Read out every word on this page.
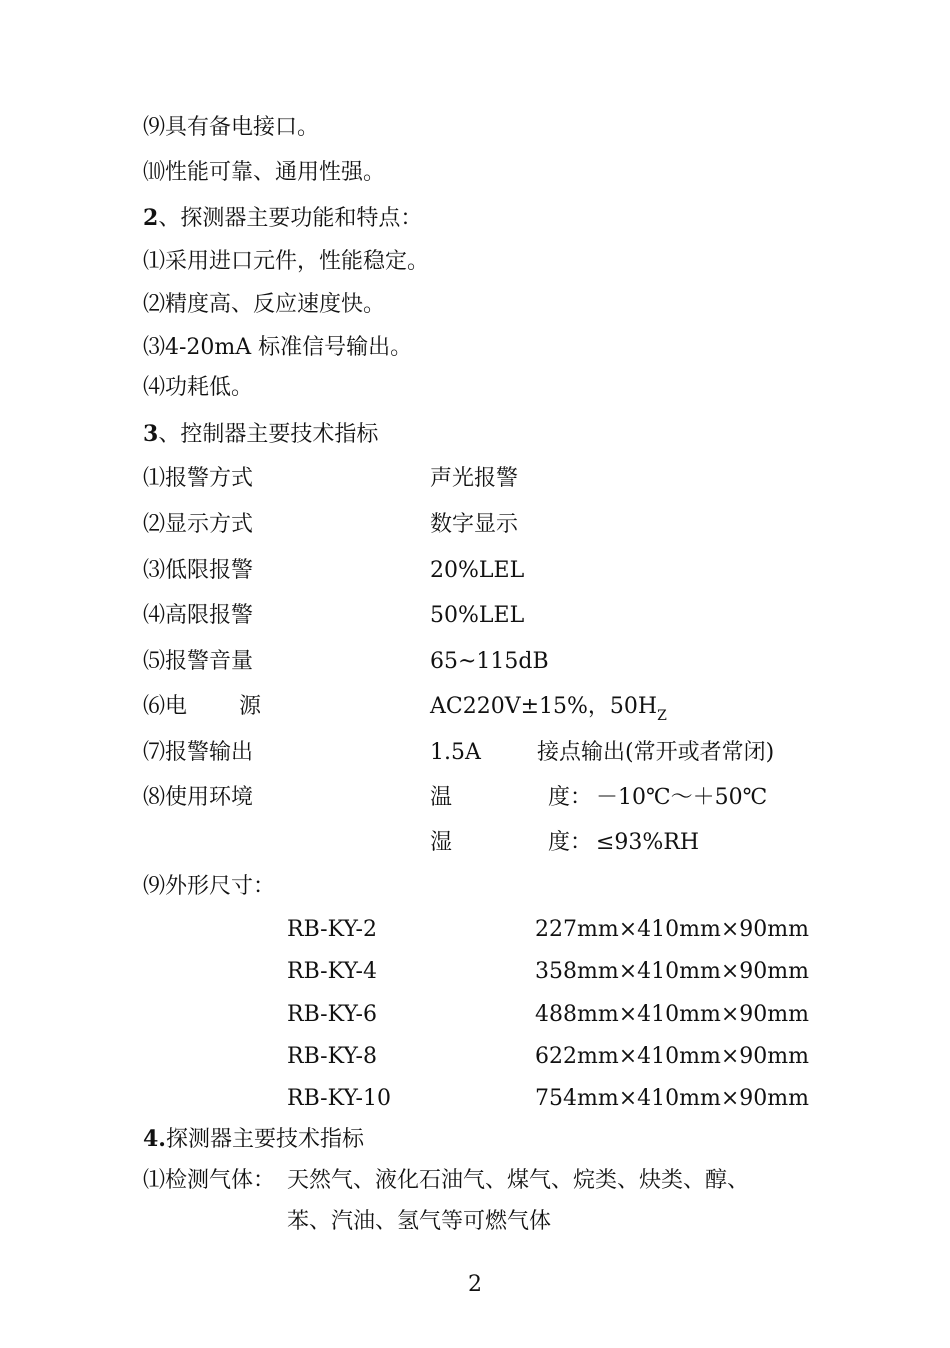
⑼具有备电接口。
⑽性能可靠、通用性强。
2、探测器主要功能和特点：
⑴采用进口元件，性能稳定。
⑵精度高、反应速度快。
⑶4-20mA 标准信号输出。
⑷功耗低。
3、控制器主要技术指标
⑴报警方式	声光报警
⑵显示方式	数字显示
⑶低限报警	20%LEL
⑷高限报警	50%LEL
⑸报警音量	65~115dB
⑹电 源	AC220V±15%，$50H_Z$
⑺报警输出	1.5A	接点输出(常开或者常闭)
⑻使用环境	温	度： －10℃～＋50℃
湿	度： ≤93%RH
⑼外形尺寸：
RB-KY-2	227mm×410mm×90mm
RB-KY-4	358mm×410mm×90mm
RB-KY-6	488mm×410mm×90mm
RB-KY-8	622mm×410mm×90mm
RB-KY-10	754mm×410mm×90mm
4.探测器主要技术指标
⑴检测气体： 天然气、液化石油气、煤气、烷类、炔类、醇、
苯、汽油、氢气等可燃气体
2
